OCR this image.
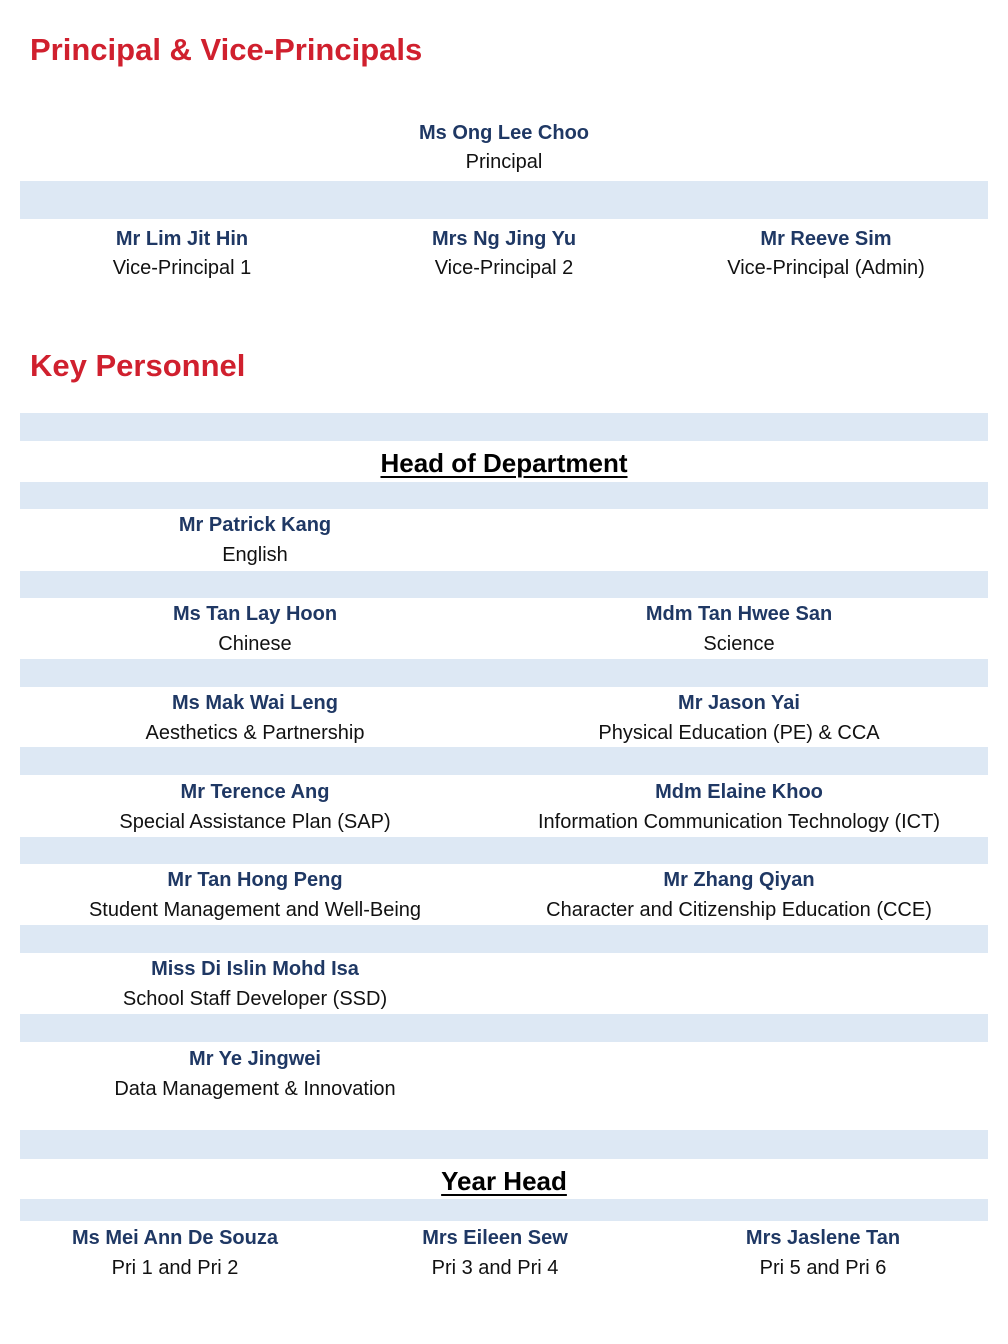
Principal & Vice-Principals
Ms Ong Lee Choo
Principal
Mr Lim Jit Hin
Vice-Principal 1
Mrs Ng Jing Yu
Vice-Principal 2
Mr Reeve Sim
Vice-Principal (Admin)
Key Personnel
Head of Department
Mr Patrick Kang
English
Ms Tan Lay Hoon
Chinese
Mdm Tan Hwee San
Science
Ms Mak Wai Leng
Aesthetics & Partnership
Mr Jason Yai
Physical Education (PE) & CCA
Mr Terence Ang
Special Assistance Plan (SAP)
Mdm Elaine Khoo
Information Communication Technology (ICT)
Mr Tan Hong Peng
Student Management and Well-Being
Mr Zhang Qiyan
Character and Citizenship Education (CCE)
Miss Di Islin Mohd Isa
School Staff Developer (SSD)
Mr Ye Jingwei
Data Management & Innovation
Year Head
Ms Mei Ann De Souza
Pri 1 and Pri 2
Mrs Eileen Sew
Pri 3 and Pri 4
Mrs Jaslene Tan
Pri 5 and Pri 6
